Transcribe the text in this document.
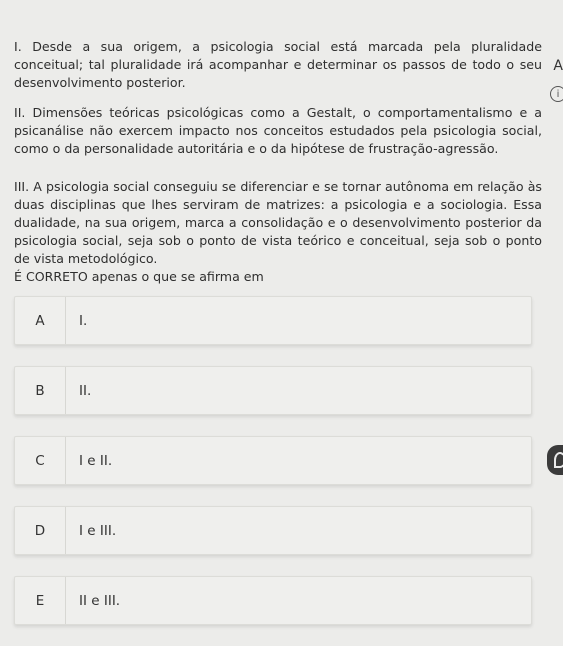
I. Desde a sua origem, a psicologia social está marcada pela pluralidade conceitual; tal pluralidade irá acompanhar e determinar os passos de todo o seu desenvolvimento posterior.

II. Dimensões teóricas psicológicas como a Gestalt, o comportamentalismo e a psicanálise não exercem impacto nos conceitos estudados pela psicologia social, como o da personalidade autoritária e o da hipótese de frustração-agressão.

III. A psicologia social conseguiu se diferenciar e se tornar autônoma em relação às duas disciplinas que lhes serviram de matrizes: a psicologia e a sociologia. Essa dualidade, na sua origem, marca a consolidação e o desenvolvimento posterior da psicologia social, seja sob o ponto de vista teórico e conceitual, seja sob o ponto de vista metodológico.

É CORRETO apenas o que se afirma em

A
i
A	I.
B	II.
C	I e II.
D	I e III.
E	II e III.
